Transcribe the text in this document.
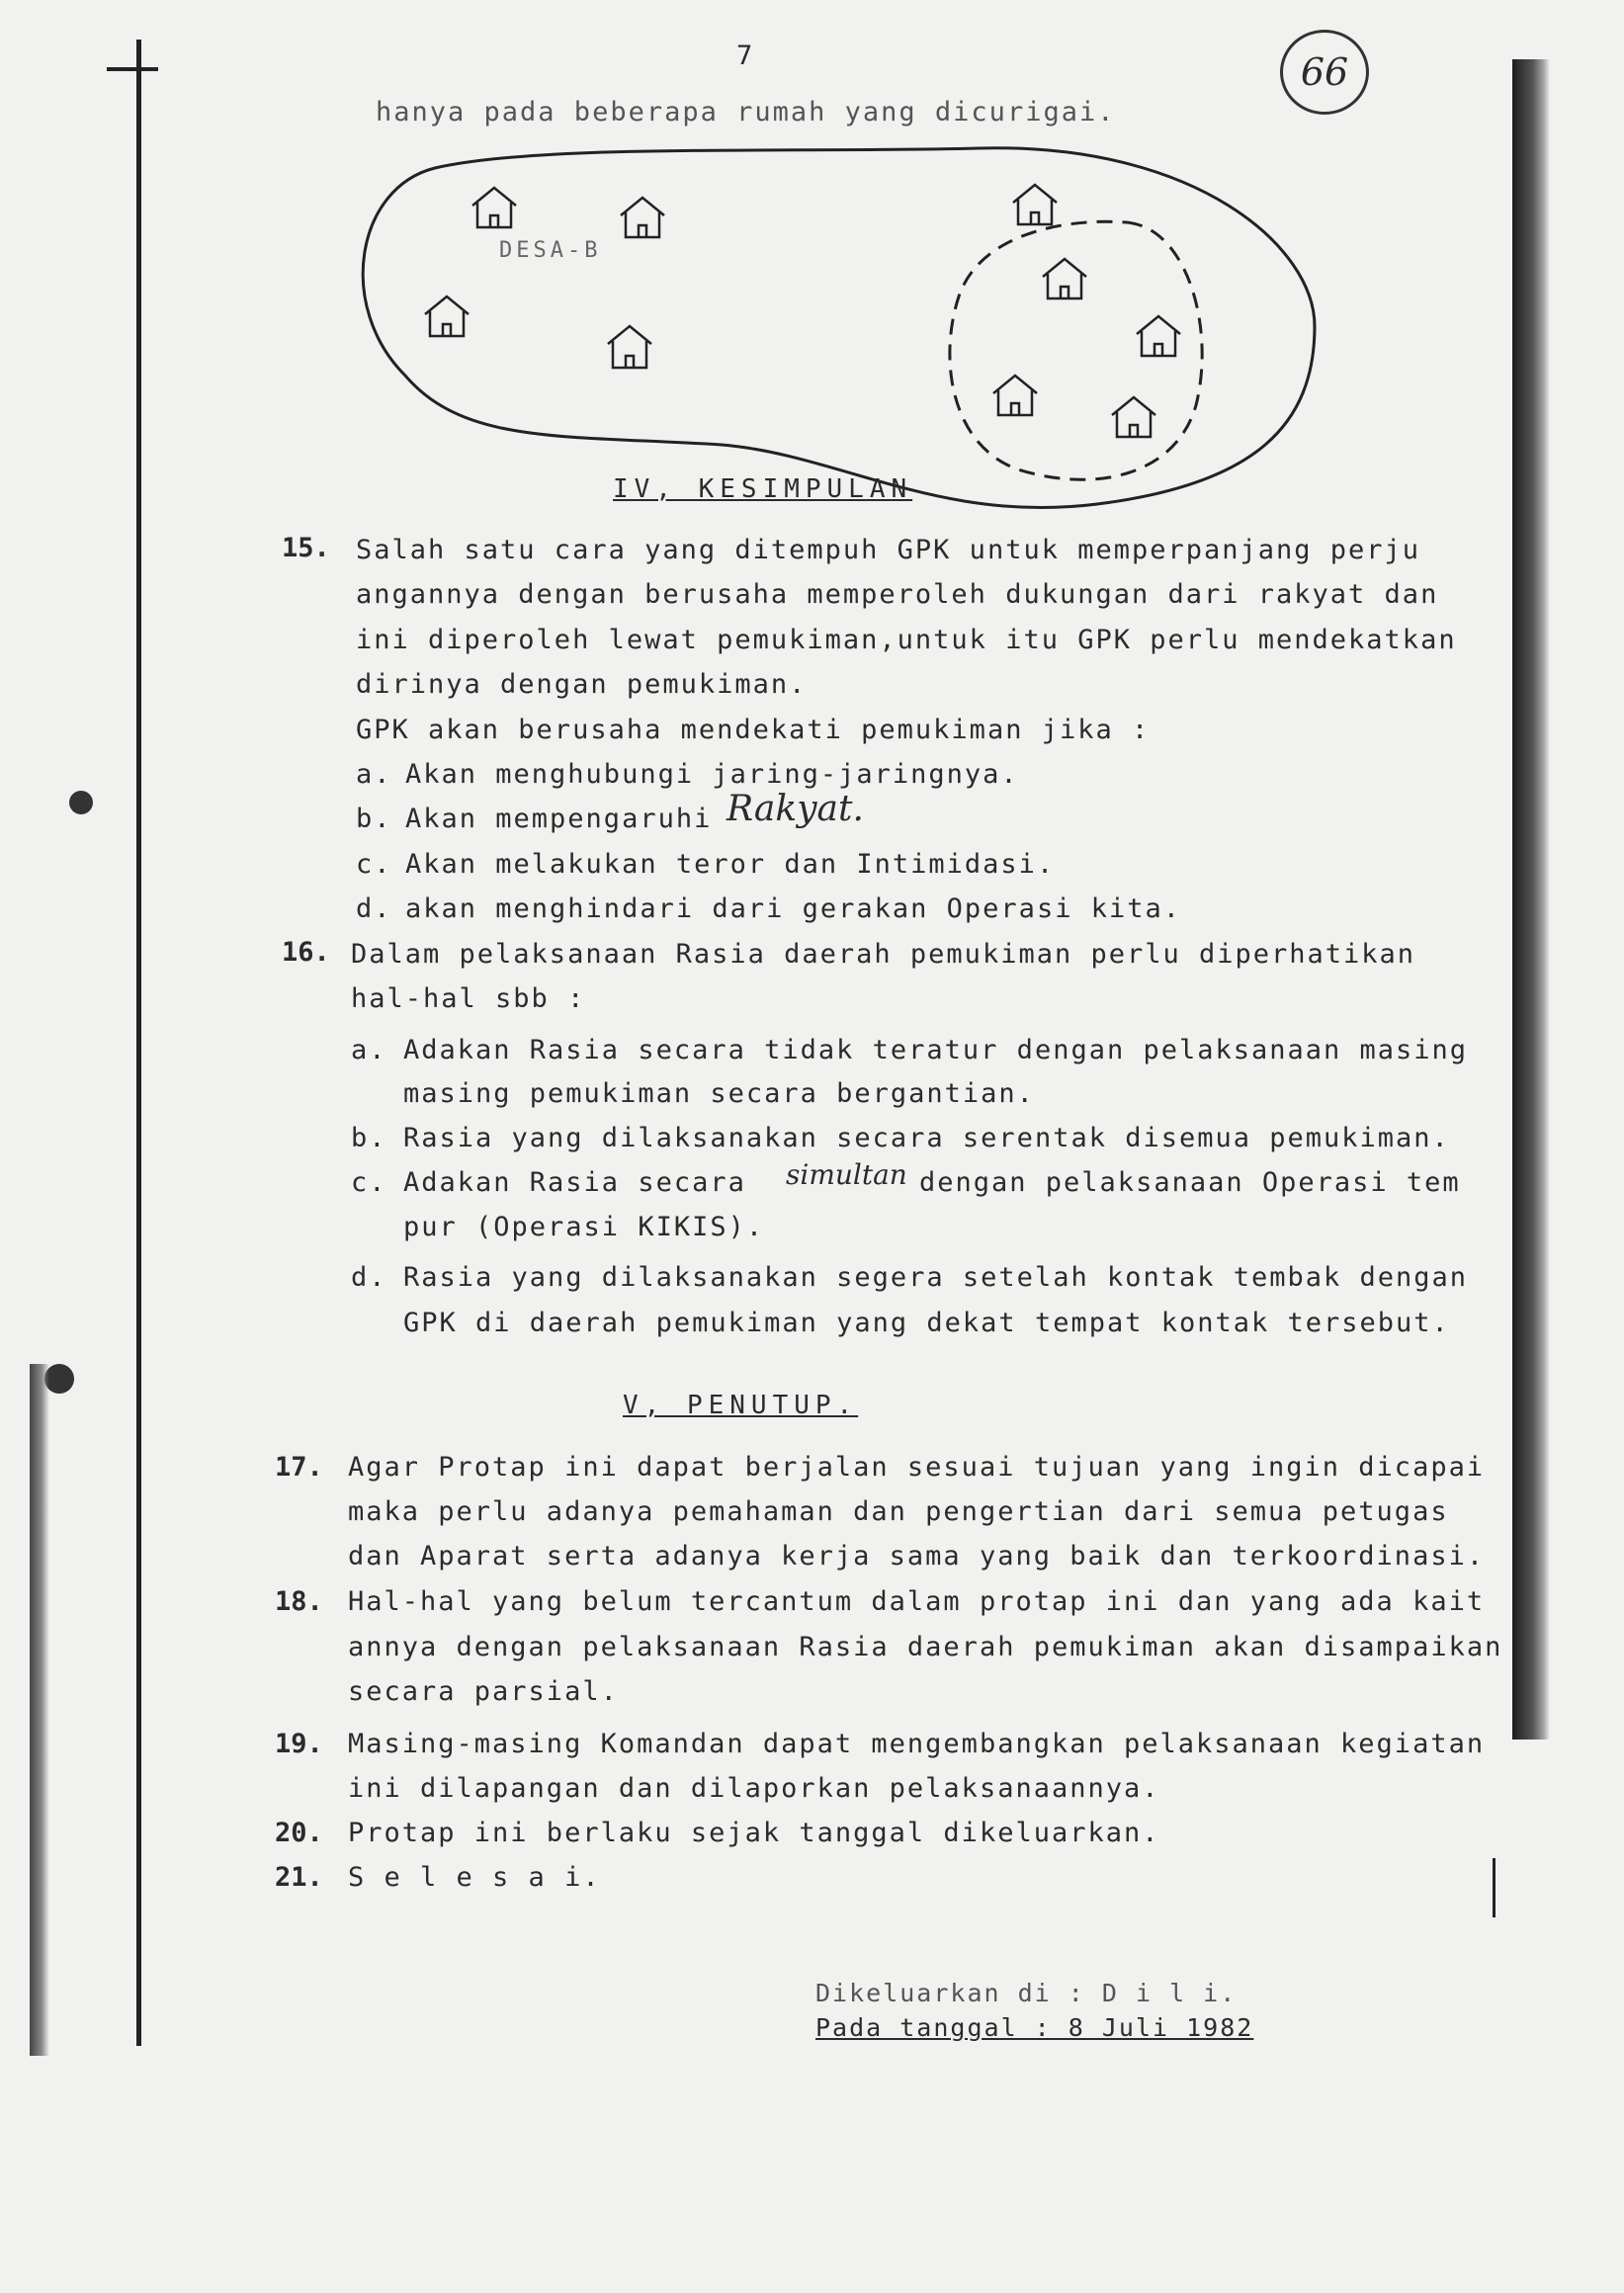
7	66
hanya pada beberapa rumah yang dicurigai.
DESA-B
IV, KESIMPULAN
15. Salah satu cara yang ditempuh GPK untuk memperpanjang perju
angannya dengan berusaha memperoleh dukungan dari rakyat dan
ini diperoleh lewat pemukiman,untuk itu GPK perlu mendekatkan
dirinya dengan pemukiman.
GPK akan berusaha mendekati pemukiman jika :
a. Akan menghubungi jaring-jaringnya.
b. Akan mempengaruhi Rakyat.
c. Akan melakukan teror dan Intimidasi.
d. akan menghindari dari gerakan Operasi kita.
16. Dalam pelaksanaan Rasia daerah pemukiman perlu diperhatikan
hal-hal sbb :
a. Adakan Rasia secara tidak teratur dengan pelaksanaan masing
masing pemukiman secara bergantian.
b. Rasia yang dilaksanakan secara serentak disemua pemukiman.
c. Adakan Rasia secara simultan dengan pelaksanaan Operasi tem
pur (Operasi KIKIS).
d. Rasia yang dilaksanakan segera setelah kontak tembak dengan
GPK di daerah pemukiman yang dekat tempat kontak tersebut.
V, PENUTUP.
17. Agar Protap ini dapat berjalan sesuai tujuan yang ingin dicapai
maka perlu adanya pemahaman dan pengertian dari semua petugas
dan Aparat serta adanya kerja sama yang baik dan terkoordinasi.
18. Hal-hal yang belum tercantum dalam protap ini dan yang ada kait
annya dengan pelaksanaan Rasia daerah pemukiman akan disampaikan
secara parsial.
19. Masing-masing Komandan dapat mengembangkan pelaksanaan kegiatan
ini dilapangan dan dilaporkan pelaksanaannya.
20. Protap ini berlaku sejak tanggal dikeluarkan.
21. S e l e s a i.
Dikeluarkan di : D i l i.
Pada tanggal : 8 Juli 1982
